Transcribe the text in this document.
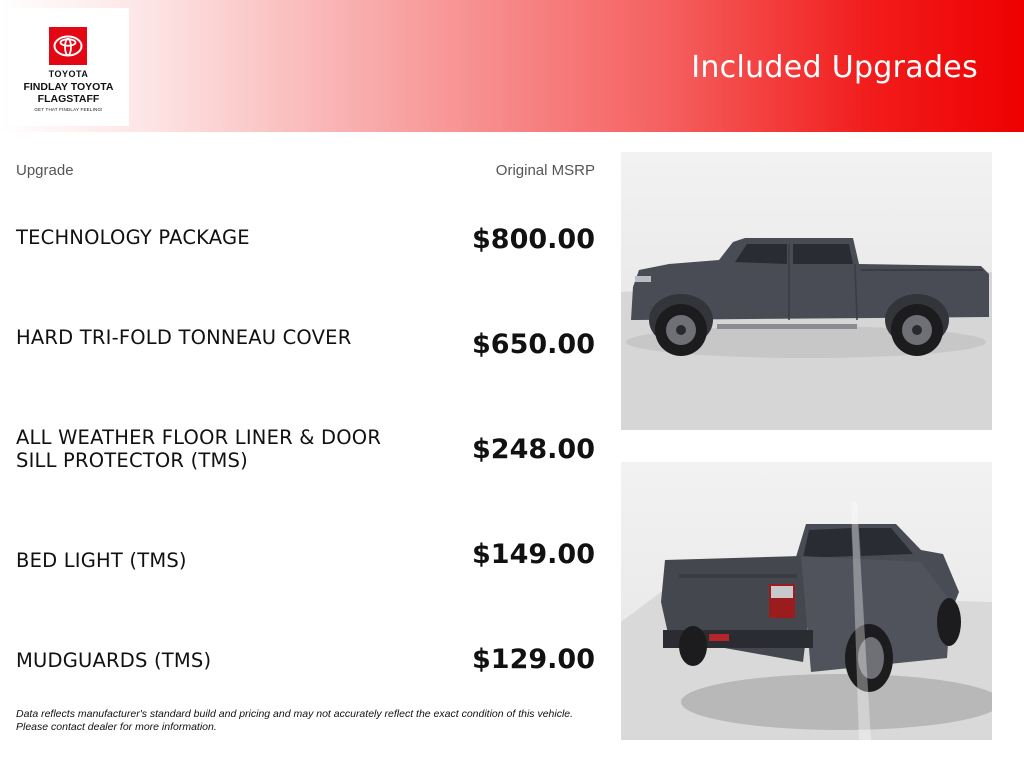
TOYOTA
FINDLAY TOYOTA
FLAGSTAFF
GET THAT FINDLAY FEELING!
Included Upgrades
Upgrade	Original MSRP
TECHNOLOGY PACKAGE	$800.00
HARD TRI-FOLD TONNEAU COVER	$650.00
ALL WEATHER FLOOR LINER & DOOR SILL PROTECTOR (TMS)	$248.00
BED LIGHT (TMS)	$149.00
MUDGUARDS (TMS)	$129.00
Data reflects manufacturer's standard build and pricing and may not accurately reflect the exact condition of this vehicle. Please contact dealer for more information.
